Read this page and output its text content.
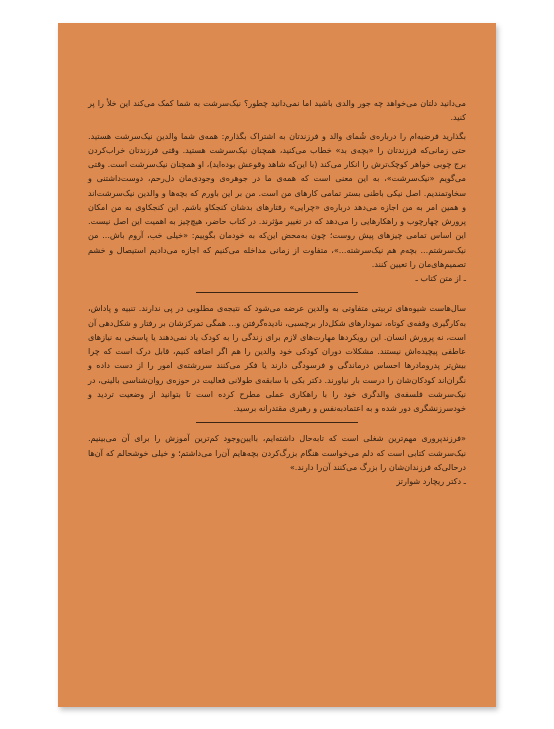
می‌دانید دلتان می‌خواهد چه جور والدی باشید اما نمی‌دانید چطور؟ نیک‌سرشت به شما کمک می‌کند این خلأ را پر کنید.

بگذارید فرضیه‌ام را درباره‌ی شُمای والد و فرزندتان به اشتراک بگذارم: همه‌ی شما والدین نیک‌سرشت هستید. حتی زمانی‌که فرزندتان را «بچه‌ی بد» خطاب می‌کنید، همچنان نیک‌سرشت هستید. وقتی فرزندتان خراب‌کردن برج چوبی خواهر کوچک‌ترش را انکار می‌کند (با این‌که شاهد وقوعش بوده‌اید)، او همچنان نیک‌سرشت است. وقتی می‌گویم «نیک‌سرشت»، به این معنی است که همه‌ی ما در جوهره‌ی وجودی‌مان دل‌رحم، دوست‌داشتنی و سخاوتمندیم. اصل نیکی باطنی بستر تمامی کارهای من است. من بر این باورم که بچه‌ها و والدین نیک‌سرشت‌اند و همین امر به من اجازه می‌دهد درباره‌ی «چرایی» رفتارهای بدشان کنجکاو باشم. این کنجکاوی به من امکان پرورش چهارچوب و راهکارهایی را می‌دهد که در تغییر مؤثرند. در کتاب حاضر، هیچ‌چیز به اهمیت این اصل نیست. این اساس تمامی چیزهای پیش روست؛ چون به‌محض این‌که به خودمان بگوییم: «خیلی خب، آروم باش... من نیک‌سرشتم... بچه‌م هم نیک‌سرشته...»، متفاوت از زمانی مداخله می‌کنیم که اجازه می‌دادیم استیصال و خشم تصمیم‌های‌مان را تعیین کنند.

ـ از متن کتاب ـ

سال‌هاست شیوه‌های تربیتی متفاوتی به والدین عرضه می‌شود که نتیجه‌ی مطلوبی در پی ندارند. تنبیه و پاداش، به‌کارگیری وقفه‌ی کوتاه، نمودارهای شکل‌دار برچسبی، نادیده‌گرفتن و... همگی تمرکزشان بر رفتار و شکل‌دهی آن است، نه پرورش انسان. این رویکردها مهارت‌های لازم برای زندگی را به کودک یاد نمی‌دهند یا پاسخی به نیازهای عاطفی پیچیده‌اش نیستند. مشکلات دوران کودکی خود والدین را هم اگر اضافه کنیم، قابل درک است که چرا بیش‌تر پدرومادرها احساس درماندگی و فرسودگی دارند یا فکر می‌کنند سررشته‌ی امور را از دست داده و نگران‌اند کودکان‌شان را درست بار نیاورند. دکتر بکی با سابقه‌ی طولانی فعالیت در حوزه‌ی روان‌شناسی بالینی، در نیک‌سرشت فلسفه‌ی والدگری خود را با راهکاری عملی مطرح کرده است تا بتوانید از وضعیت تردید و خودسرزنشگری دور شده و به اعتمادبه‌نفس و رهبری مقتدرانه برسید.

«فرزندپروری مهم‌ترین شغلی است که تابه‌حال داشته‌ایم، باایین‌وجود کم‌ترین آموزش را برای آن می‌بینیم. نیک‌سرشت کتابی است که دلم می‌خواست هنگام بزرگ‌کردن بچه‌هایم آن‌را می‌داشتم؛ و خیلی خوشحالم که آن‌ها درحالی‌که فرزندان‌شان را بزرگ می‌کنند آن‌را دارند.»

ـ دکتر ریچارد شوارتز
